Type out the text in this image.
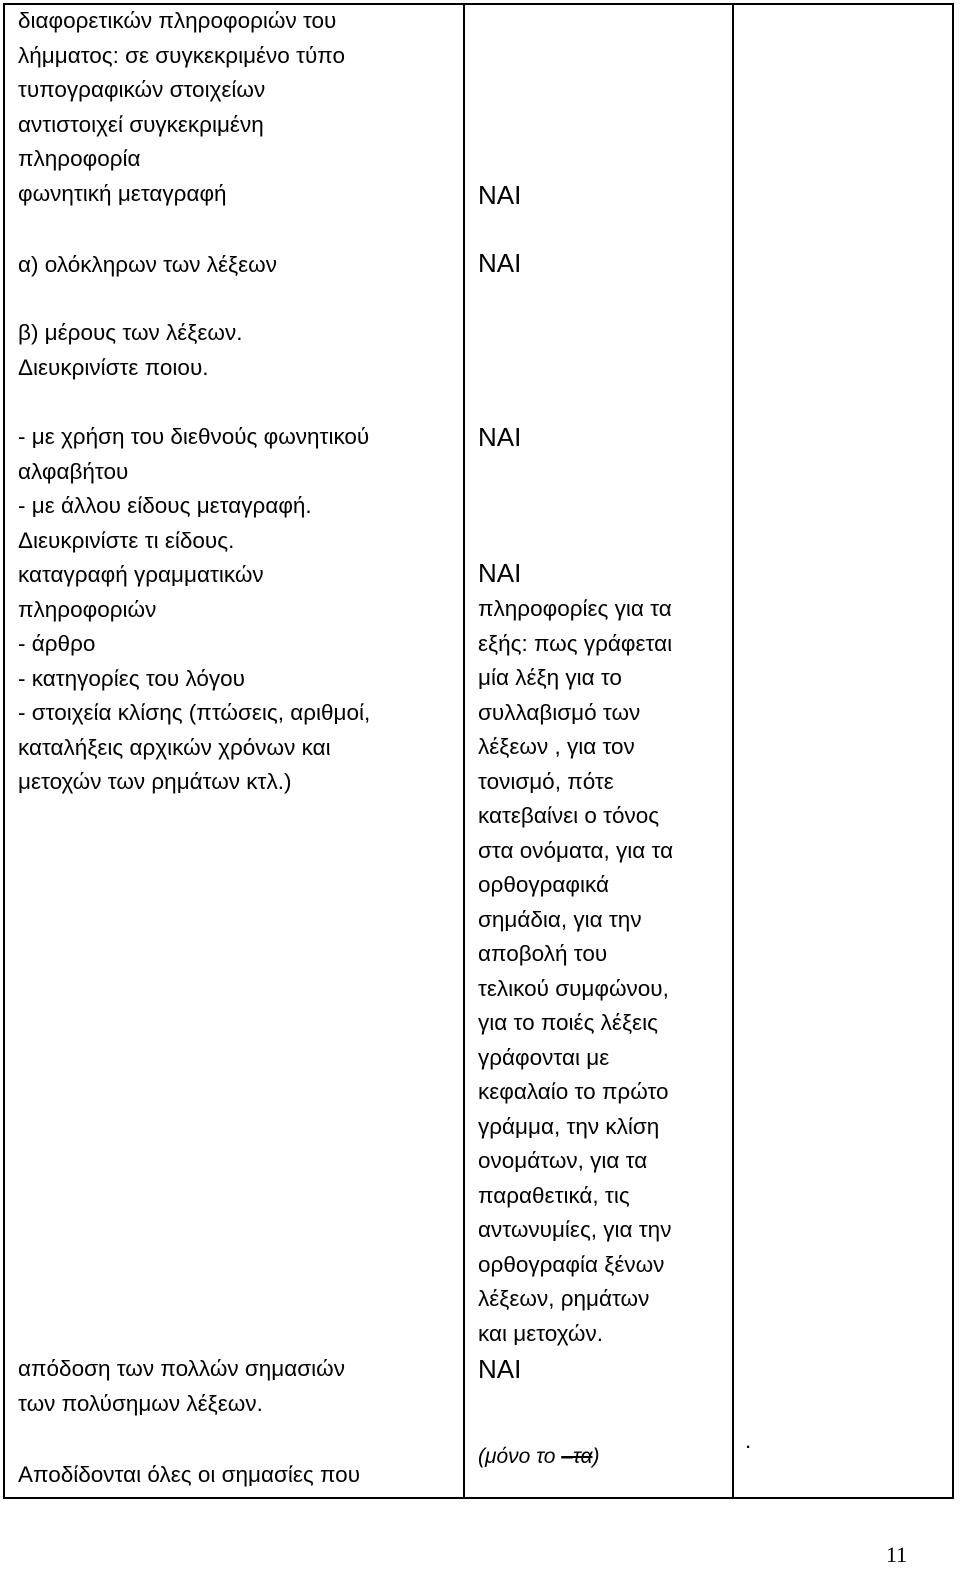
διαφορετικών πληροφοριών του
λήμματος: σε συγκεκριμένο τύπο
τυπογραφικών στοιχείων
αντιστοιχεί συγκεκριμένη
πληροφορία
φωνητική μεταγραφή
α) ολόκληρων των λέξεων
β) μέρους των λέξεων.
Διευκρινίστε ποιου.
- με χρήση του διεθνούς φωνητικού
αλφαβήτου
- με άλλου είδους μεταγραφή.
Διευκρινίστε τι είδους.
καταγραφή γραμματικών
πληροφοριών
- άρθρο
- κατηγορίες του λόγου
- στοιχεία κλίσης (πτώσεις, αριθμοί,
καταλήξεις αρχικών χρόνων και
μετοχών των ρημάτων κτλ.)
απόδοση των πολλών σημασιών
των πολύσημων λέξεων.
Αποδίδονται όλες οι σημασίες που
ΝΑΙ
ΝΑΙ
ΝΑΙ
ΝΑΙ
πληροφορίες για τα
εξής: πως γράφεται
μία λέξη για το
συλλαβισμό των
λέξεων , για τον
τονισμό, πότε
κατεβαίνει ο τόνος
στα ονόματα, για τα
ορθογραφικά
σημάδια, για την
αποβολή του
τελικού συμφώνου,
για το ποιές λέξεις
γράφονται με
κεφαλαίο το πρώτο
γράμμα, την κλίση
ονομάτων, για τα
παραθετικά, τις
αντωνυμίες, για την
ορθογραφία ξένων
λέξεων, ρημάτων
και μετοχών.
ΝΑΙ
(μόνο το –τα)
.
11
